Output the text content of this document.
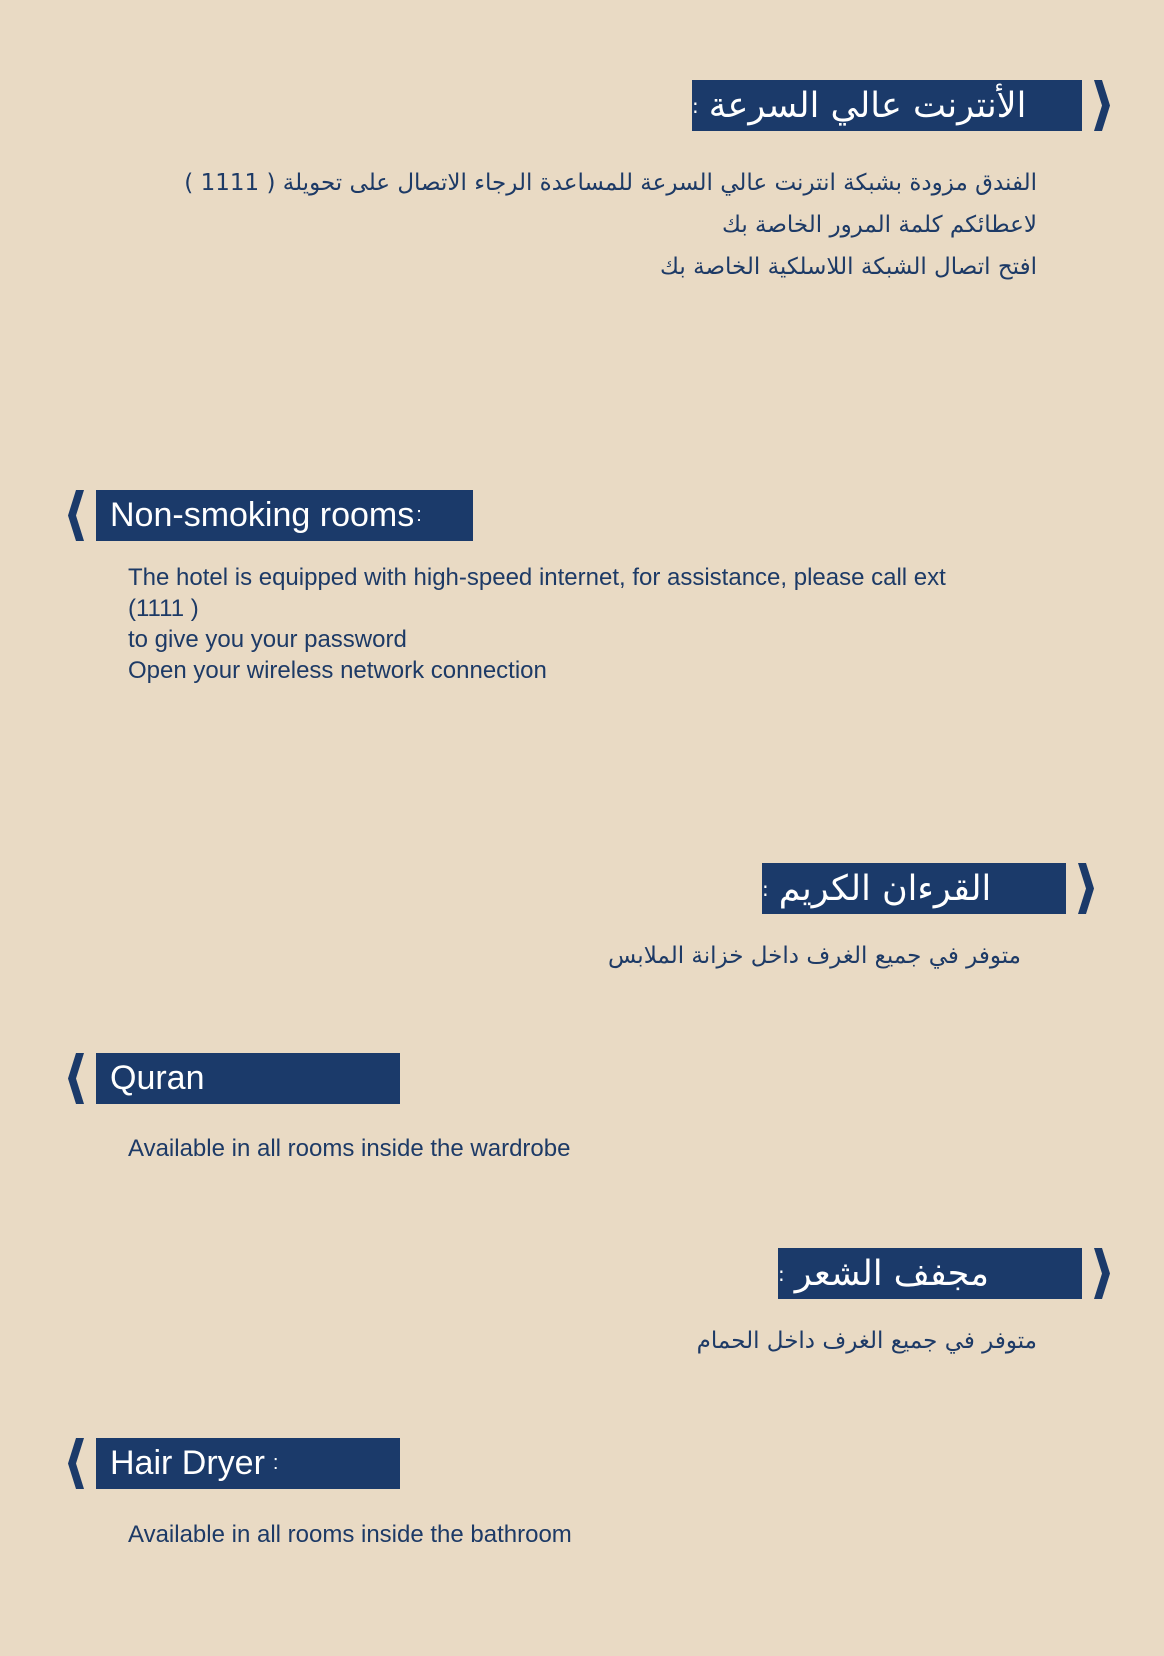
الأنترنت عالي السرعة
:
الفندق مزودة بشبكة انترنت عالي السرعة للمساعدة الرجاء الاتصال على تحويلة ( 1111 )
لاعطائكم كلمة المرور الخاصة بك
افتح اتصال الشبكة اللاسلكية الخاصة بك
Non-smoking rooms :
The hotel is equipped with high-speed internet, for assistance, please call ext
(1111 )
to give you your password
Open your wireless network connection
القرءان الكريم
:
متوفر في جميع الغرف داخل خزانة الملابس
Quran
Available in all rooms inside the wardrobe
مجفف الشعر
:
متوفر في جميع الغرف داخل الحمام
Hair Dryer :
Available in all rooms inside the bathroom
